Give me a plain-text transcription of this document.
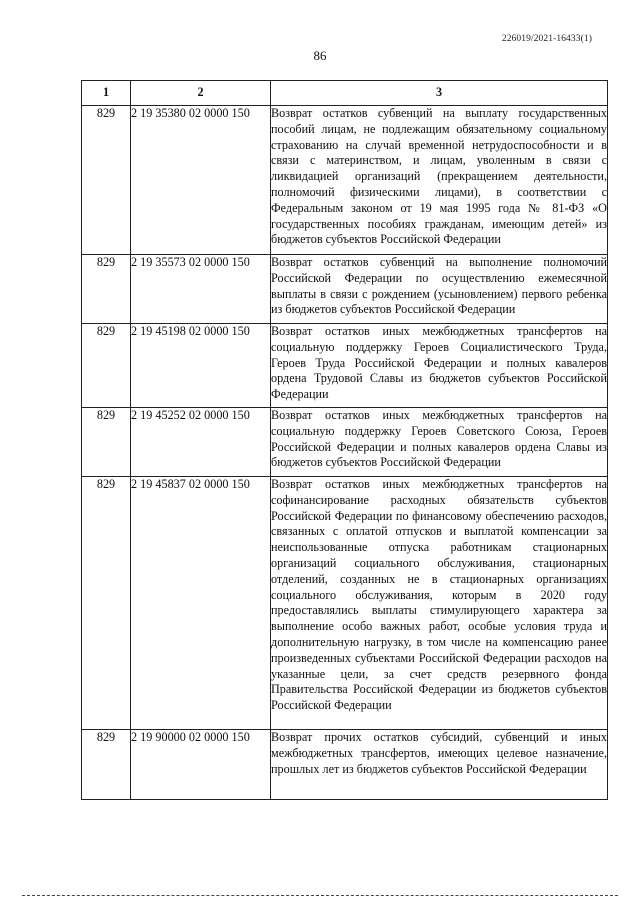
226019/2021-16433(1)
86
1	2	3
829	2 19 35380 02 0000 150	Возврат остатков субвенций на выплату государственных пособий лицам, не подлежащим обязательному социальному страхованию на случай временной нетрудоспособности и в связи с материнством, и лицам, уволенным в связи с ликвидацией организаций (прекращением деятельности, полномочий физическими лицами), в соответствии с Федеральным законом от 19 мая 1995 года № 81-ФЗ «О государственных пособиях гражданам, имеющим детей» из бюджетов субъектов Российской Федерации
829	2 19 35573 02 0000 150	Возврат остатков субвенций на выполнение полномочий Российской Федерации по осуществлению ежемесячной выплаты в связи с рождением (усыновлением) первого ребенка из бюджетов субъектов Российской Федерации
829	2 19 45198 02 0000 150	Возврат остатков иных межбюджетных трансфертов на социальную поддержку Героев Социалистического Труда, Героев Труда Российской Федерации и полных кавалеров ордена Трудовой Славы из бюджетов субъектов Российской Федерации
829	2 19 45252 02 0000 150	Возврат остатков иных межбюджетных трансфертов на социальную поддержку Героев Советского Союза, Героев Российской Федерации и полных кавалеров ордена Славы из бюджетов субъектов Российской Федерации
829	2 19 45837 02 0000 150	Возврат остатков иных межбюджетных трансфертов на софинансирование расходных обязательств субъектов Российской Федерации по финансовому обеспечению расходов, связанных с оплатой отпусков и выплатой компенсации за неиспользованные отпуска работникам стационарных организаций социального обслуживания, стационарных отделений, созданных не в стационарных организациях социального обслуживания, которым в 2020 году предоставлялись выплаты стимулирующего характера за выполнение особо важных работ, особые условия труда и дополнительную нагрузку, в том числе на компенсацию ранее произведенных субъектами Российской Федерации расходов на указанные цели, за счет средств резервного фонда Правительства Российской Федерации из бюджетов субъектов Российской Федерации
829	2 19 90000 02 0000 150	Возврат прочих остатков субсидий, субвенций и иных межбюджетных трансфертов, имеющих целевое назначение, прошлых лет из бюджетов субъектов Российской Федерации
